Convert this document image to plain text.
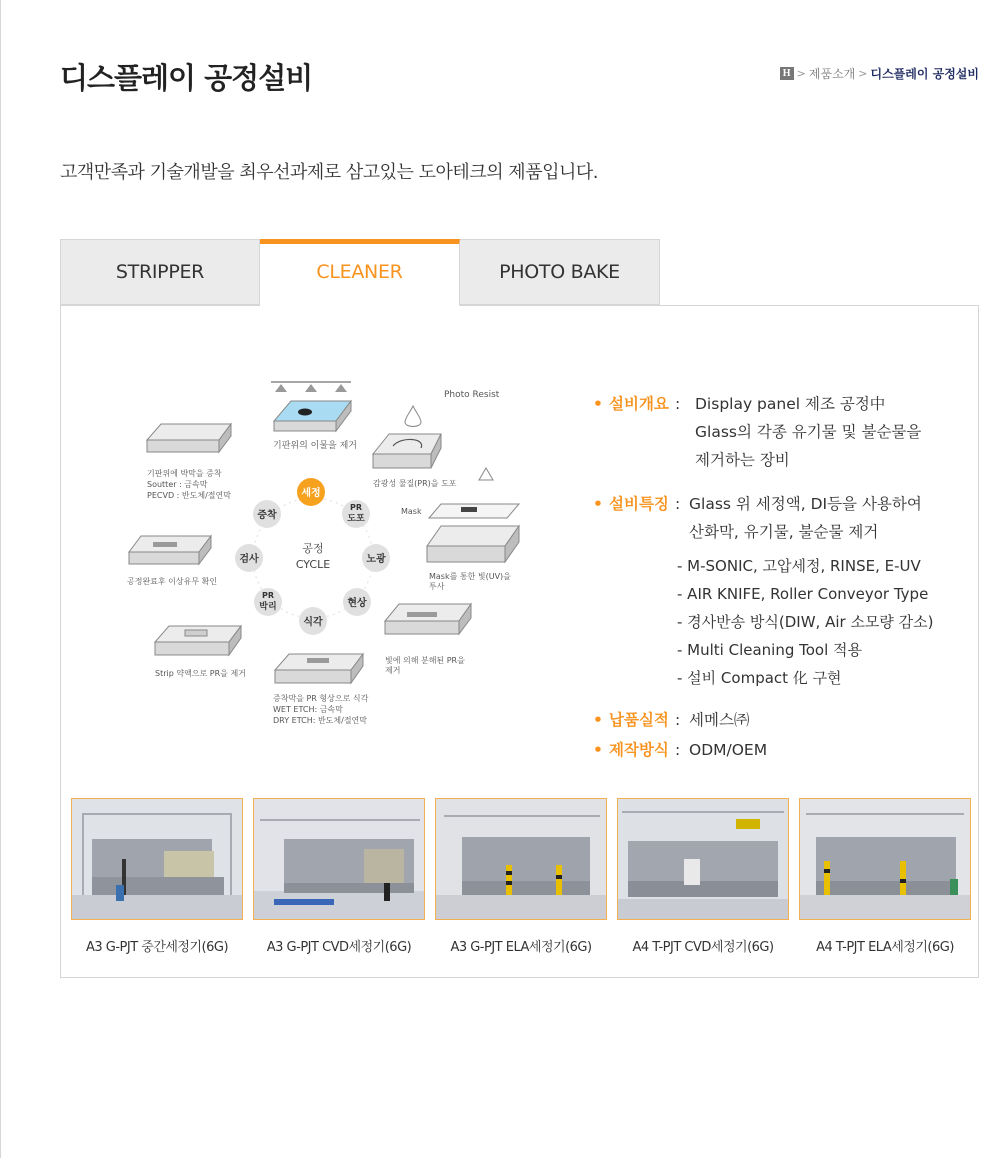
디스플레이 공정설비	H > 제품소개 > 디스플레이 공정설비
고객만족과 기술개발을 최우선과제로 삼고있는 도아테크의 제품입니다.
STRIPPER	CLEANER	PHOTO BAKE
기판위의 이물을 제거
Photo Resist
감광성 물질(PR)을 도포
Mask
Mask를 통한 빛(UV)을
투사
빛에 의해 분해된 PR을
제거
증착막을 PR 형상으로 식각
WET ETCH: 금속막
DRY ETCH: 반도체/절연막
Strip 약액으로 PR을 제거
공정완료후 이상유무 확인
기판위에 박막을 증착
Soutter : 금속막
PECVD : 반도체/절연막
공정
CYCLE
세정
PR
도포
노광
현상
식각
PR
박리
검사
증착
• 설비개요 : Display panel 제조 공정中
Glass의 각종 유기물 및 불순물을
제거하는 장비
• 설비특징 : Glass 위 세정액, DI등을 사용하여
산화막, 유기물, 불순물 제거
- M-SONIC, 고압세정, RINSE, E-UV
- AIR KNIFE, Roller Conveyor Type
- 경사반송 방식(DIW, Air 소모량 감소)
- Multi Cleaning Tool 적용
- 설비 Compact 化 구현
• 납품실적 : 세메스㈜
• 제작방식 : ODM/OEM
A3 G-PJT 중간세정기(6G)	A3 G-PJT CVD세정기(6G)	A3 G-PJT ELA세정기(6G)	A4 T-PJT CVD세정기(6G)	A4 T-PJT ELA세정기(6G)
